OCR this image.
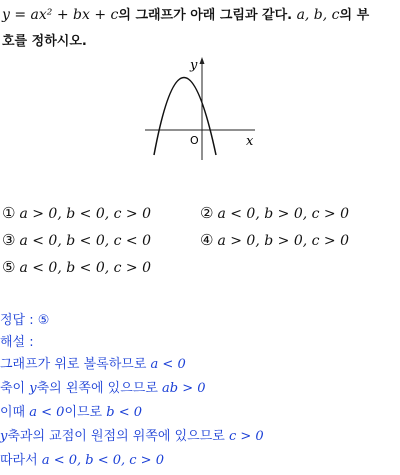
y = ax² + bx + c의 그래프가 아래 그림과 같다. a, b, c의 부
호를 정하시오.
y
x
O
① a > 0, b < 0, c > 0	② a < 0, b > 0, c > 0
③ a < 0, b < 0, c < 0	④ a > 0, b > 0, c > 0
⑤ a < 0, b < 0, c > 0
정답 : ⑤
해설 :
그래프가 위로 볼록하므로 a < 0
축이 y축의 왼쪽에 있으므로 ab > 0
이때 a < 0이므로 b < 0
y축과의 교점이 원점의 위쪽에 있으므로 c > 0
따라서 a < 0, b < 0, c > 0
